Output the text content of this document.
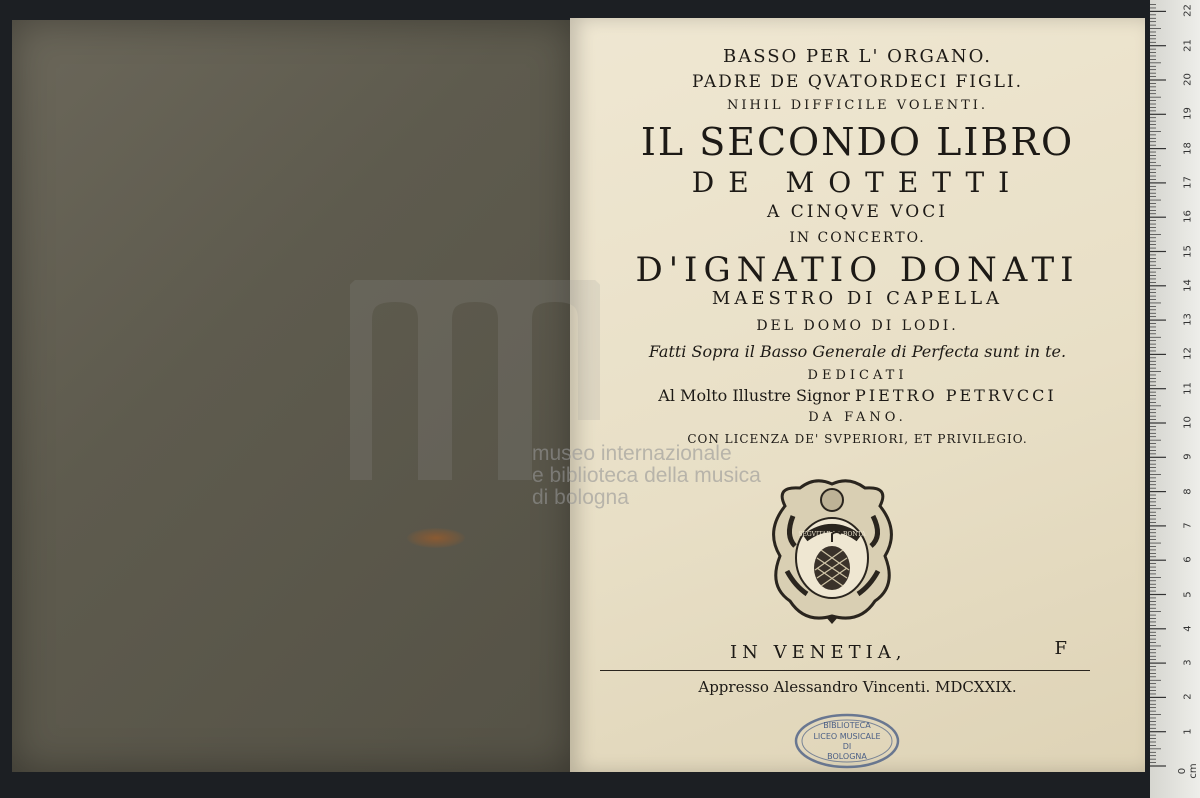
BASSO PER L' ORGANO.
PADRE DE QVATORDECI FIGLI.
NIHIL DIFFICILE VOLENTI.
IL SECONDO LIBRO
DE MOTETTI
A CINQVE VOCI
IN CONCERTO.
D'IGNATIO DONATI
MAESTRO DI CAPELLA
DEL DOMO DI LODI.
Fatti Sopra il Basso Generale di Perfecta sunt in te.
DEDICATI
Al Molto Illustre Signor PIETRO PETRVCCI
DA FANO.
CON LICENZA DE' SVPERIORI, ET PRIVILEGIO.
SEGVITAR LA BONTA
IN VENETIA,	F
Appresso Alessandro Vincenti. MDCXXIX.
BIBLIOTECA
LICEO MUSICALE
DI
BOLOGNA
museo internazionale
e biblioteca della musica
di bologna
0 cm
1
2
3
4
5
6
7
8
9
10
11
12
13
14
15
16
17
18
19
20
21
22
